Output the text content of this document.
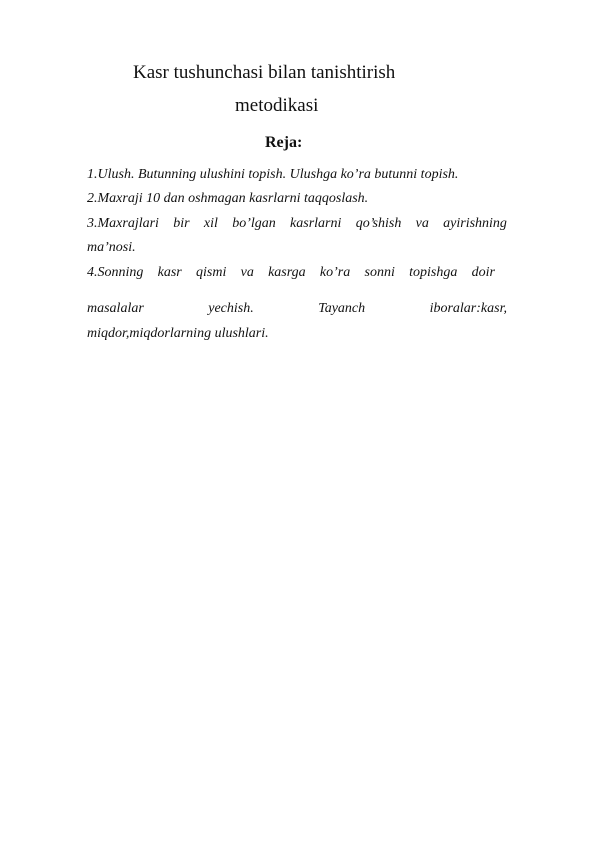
Kasr tushunchasi bilan tanishtirish
metodikasi
Reja:
1.Ulush. Butunning ulushini topish. Ulushga ko’ra butunni topish.
2.Maxraji 10 dan oshmagan kasrlarni taqqoslash.
3.Maxrajlari bir xil bo’lgan kasrlarni qo’shish va ayirishning
ma’nosi.
4.Sonning kasr qismi va kasrga ko’ra sonni topishga doir
masalalar	yechish.	Tayanch	iboralar:kasr,
miqdor,miqdorlarning ulushlari.
